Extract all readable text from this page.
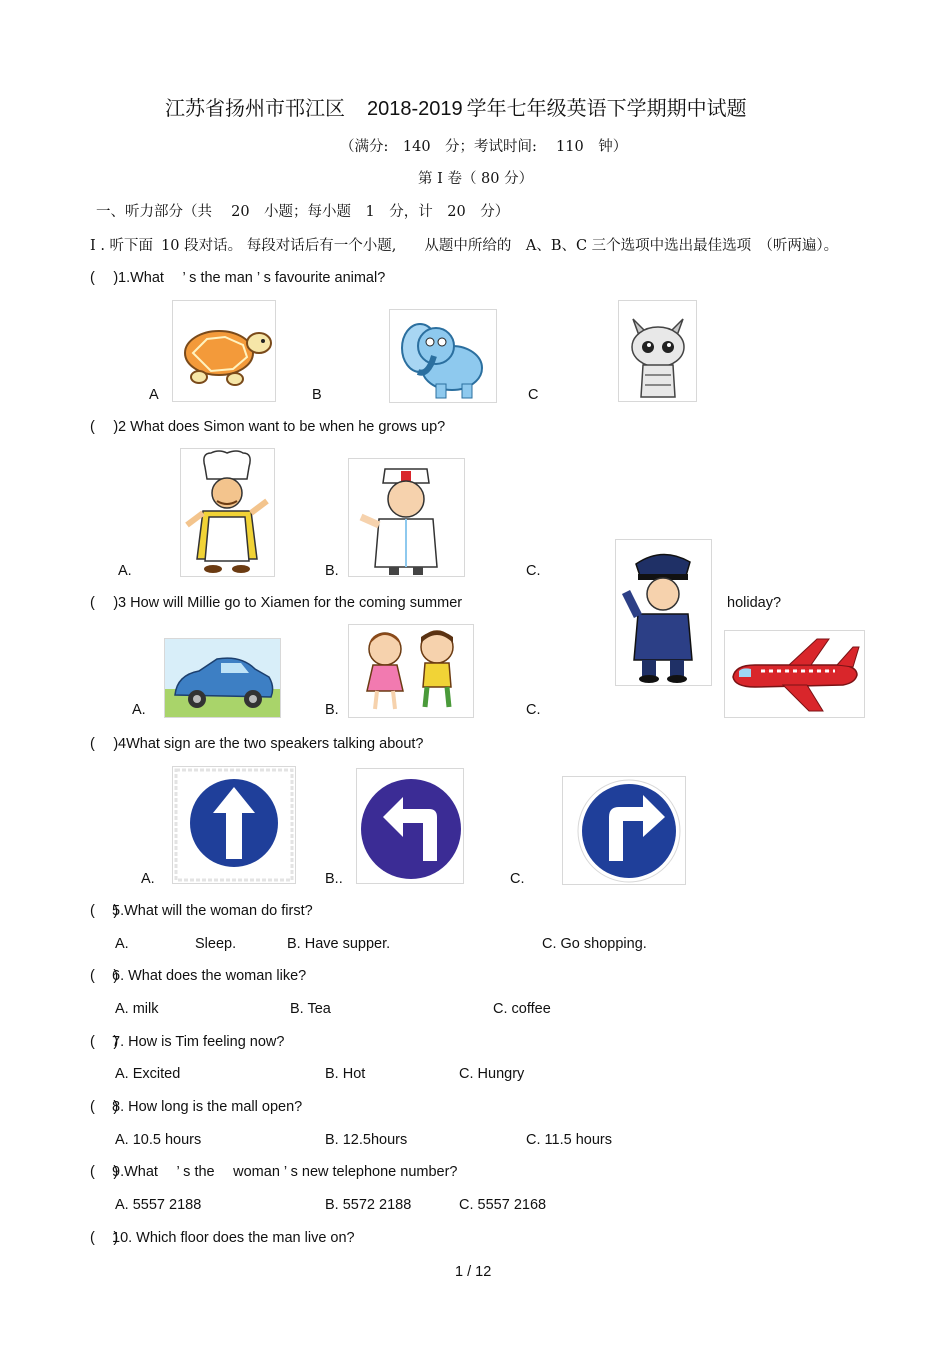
江苏省扬州市邗江区 2018-2019 学年七年级英语下学期期中试题
（满分:　140　分；考试时间:　 110　钟）
第 I 卷（ 80 分）
一、听力部分（共　 20　小题；每小题　1　分，计　20　分）
I . 听下面 10 段对话。 每段对话后有一个小题, 从题中所给的　A、B、C 三个选项中选出最佳选项　（听两遍）。
(　 ) 1.What　 ’ s the man ’ s favourite animal?
A	B	C
(　 ) 2 What does Simon want to be when he grows up?
A.	B.	C.
(　 ) 3 How will Millie go to Xiamen for the coming summer	holiday?
A.	B.	C.
(　 ) 4What sign are the two speakers talking about?
A.	B..	C.
(　 )
5.What will the woman do first?
A.	Sleep.	B. Have supper.	C. Go shopping.
(　 )
6. What does the woman like?
A. milk	B. Tea	C. coffee
(　 )
7. How is Tim feeling now?
A. Excited	B. Hot	C. Hungry
(　 )
8. How long is the mall open?
A. 10.5 hours	B. 12.5hours	C. 11.5 hours
(　 )
9.What　 ’ s the　 woman ’ s new telephone number?
A. 5557 2188	B. 5572 2188	C. 5557 2168
(　 )
10. Which floor does the man live on?
1 / 12
